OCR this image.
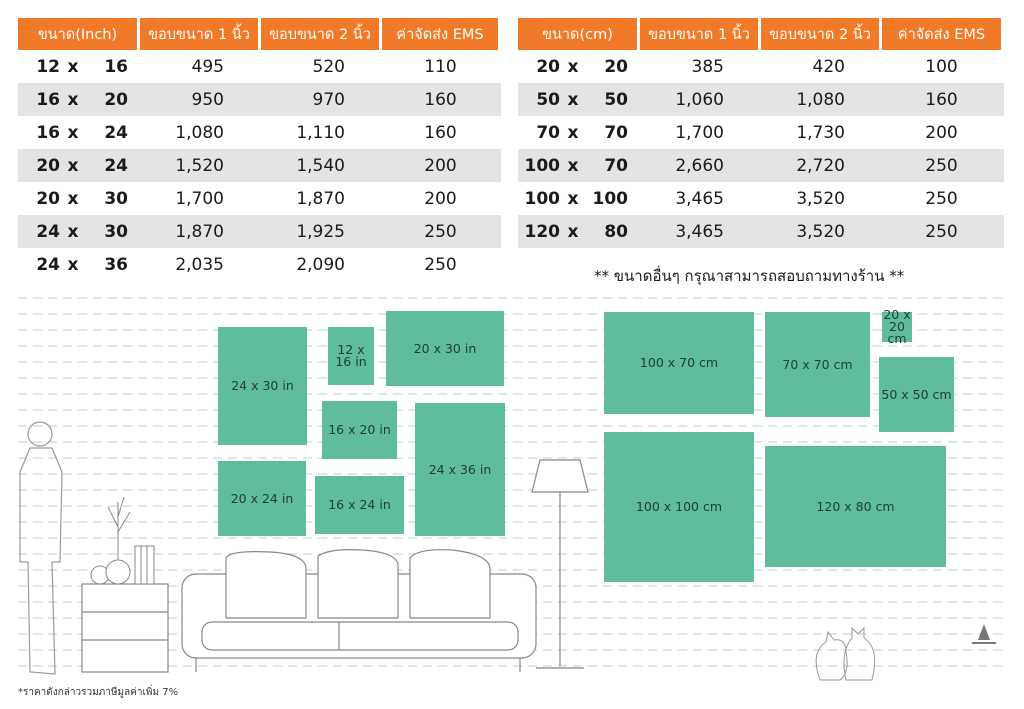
ขนาด(Inch)	ขอบขนาด 1 นิ้ว	ขอบขนาด 2 นิ้ว	ค่าจัดส่ง EMS
12 x	16	495	520	110
16 x	20	950	970	160
16 x	24	1,080	1,110	160
20 x	24	1,520	1,540	200
20 x	30	1,700	1,870	200
24 x	30	1,870	1,925	250
24 x	36	2,035	2,090	250
ขนาด(cm)	ขอบขนาด 1 นิ้ว	ขอบขนาด 2 นิ้ว	ค่าจัดส่ง EMS
20 x	20	385	420	100
50 x	50	1,060	1,080	160
70 x	70	1,700	1,730	200
100 x	70	2,660	2,720	250
100 x 100	3,465	3,520	250
120 x	80	3,465	3,520	250
** ขนาดอื่นๆ กรุณาสามารถสอบถามทางร้าน **
24 x 30 in
12 x 16 in
20 x 30 in
16 x 20 in
24 x 36 in
20 x 24 in	16 x 24 in
100 x 70 cm	70 x 70 cm
20 x 20 cm
50 x 50 cm
100 x 100 cm	120 x 80 cm
*ราคาดังกล่าวรวมภาษีมูลค่าเพิ่ม 7%
